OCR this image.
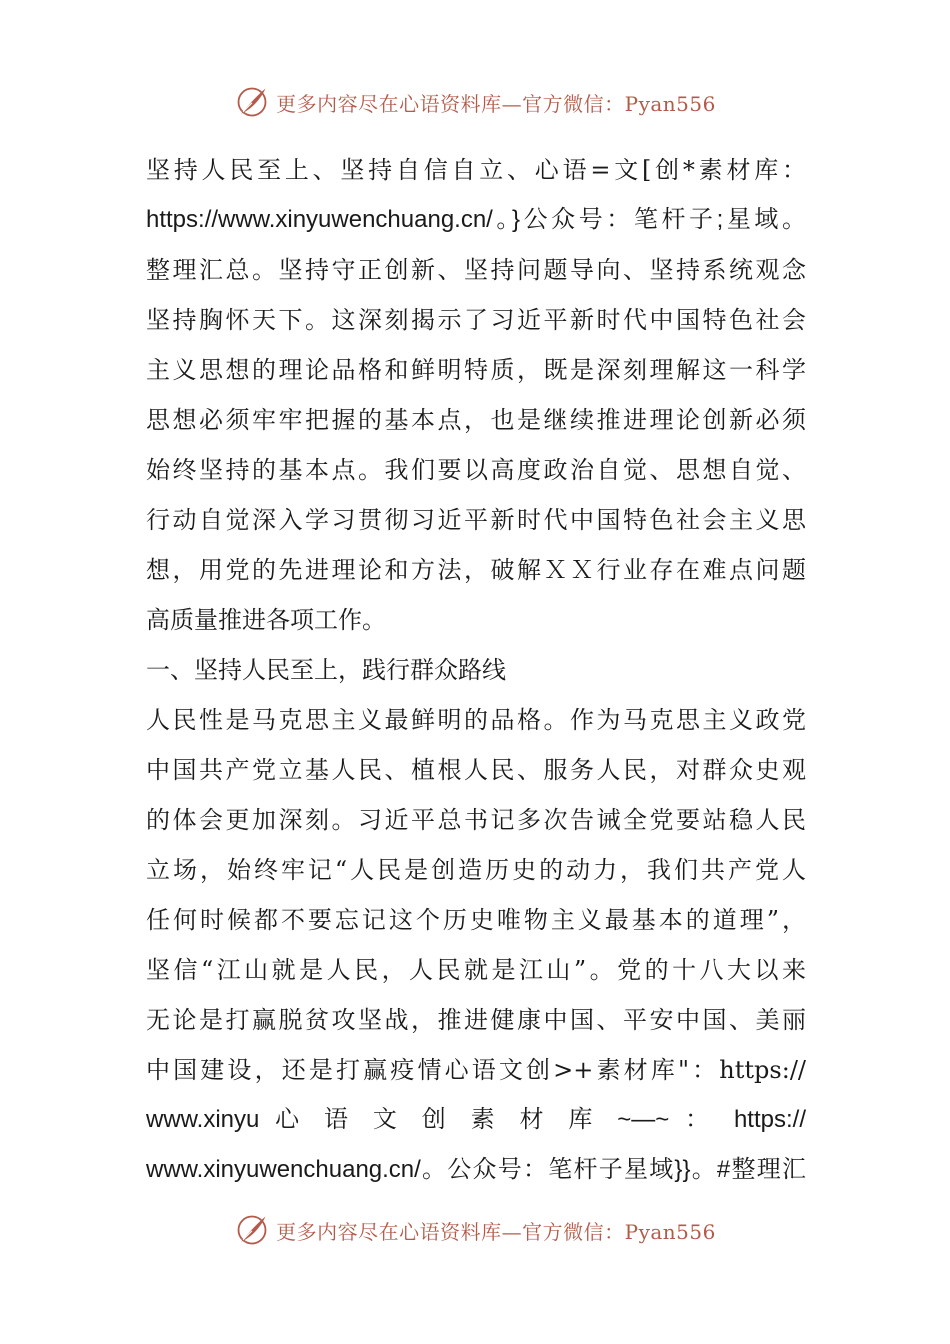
更多内容尽在心语资料库—官方微信：Pyan556
坚持人民至上、坚持自信自立、心语=文[创*素材库：
https://www.xinyuwenchuang.cn/。}公众号：笔杆子;星域。
整理汇总。坚持守正创新、坚持问题导向、坚持系统观念
坚持胸怀天下。这深刻揭示了习近平新时代中国特色社会
主义思想的理论品格和鲜明特质，既是深刻理解这一科学
思想必须牢牢把握的基本点，也是继续推进理论创新必须
始终坚持的基本点。我们要以高度政治自觉、思想自觉、
行动自觉深入学习贯彻习近平新时代中国特色社会主义思
想，用党的先进理论和方法，破解ＸＸ行业存在难点问题
高质量推进各项工作。
一、坚持人民至上，践行群众路线
人民性是马克思主义最鲜明的品格。作为马克思主义政党
中国共产党立基人民、植根人民、服务人民，对群众史观
的体会更加深刻。习近平总书记多次告诫全党要站稳人民
立场，始终牢记“人民是创造历史的动力，我们共产党人
任何时候都不要忘记这个历史唯物主义最基本的道理”，
坚信“江山就是人民，人民就是江山”。党的十八大以来
无论是打赢脱贫攻坚战，推进健康中国、平安中国、美丽
中国建设，还是打赢疫情心语文创>+素材库"：https://
www.xinyu 心 语 文 创 素 材 库 ~—~ ： https://
www.xinyuwenchuang.cn/。公众号：笔杆子星域}}。#整理汇
更多内容尽在心语资料库—官方微信：Pyan556
